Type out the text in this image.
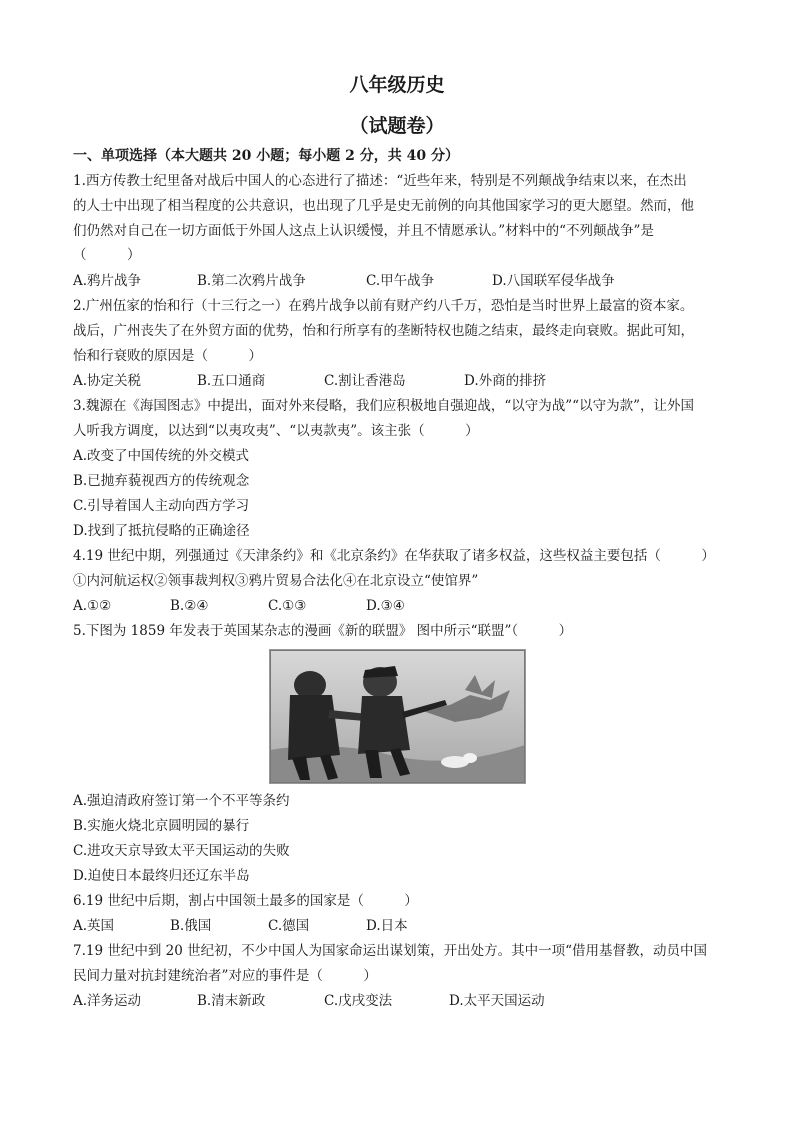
八年级历史
（试题卷）
一、单项选择（本大题共 20 小题；每小题 2 分，共 40 分）
1.西方传教士纪里备对战后中国人的心态进行了描述：“近些年来，特别是不列颠战争结束以来，在杰出
的人士中出现了相当程度的公共意识，也出现了几乎是史无前例的向其他国家学习的更大愿望。然而，他
们仍然对自己在一切方面低于外国人这点上认识缓慢，并且不情愿承认。”材料中的“不列颠战争”是
（　　　）
A.鸦片战争	B.第二次鸦片战争	C.甲午战争	D.八国联军侵华战争
2.广州伍家的怡和行（十三行之一）在鸦片战争以前有财产约八千万，恐怕是当时世界上最富的资本家。
战后，广州丧失了在外贸方面的优势，怡和行所享有的垄断特权也随之结束，最终走向衰败。据此可知，
怡和行衰败的原因是（　　　）
A.协定关税	B.五口通商	C.割让香港岛	D.外商的排挤
3.魏源在《海国图志》中提出，面对外来侵略，我们应积极地自强迎战，“以守为战”“以守为款”，让外国
人听我方调度，以达到“以夷攻夷”、“以夷款夷”。该主张（　　　）
A.改变了中国传统的外交模式
B.已抛弃藐视西方的传统观念
C.引导着国人主动向西方学习
D.找到了抵抗侵略的正确途径
4.19 世纪中期，列强通过《天津条约》和《北京条约》在华获取了诸多权益，这些权益主要包括（　　　）
①内河航运权②领事裁判权③鸦片贸易合法化④在北京设立“使馆界”
A.①②	B.②④	C.①③	D.③④
5.下图为 1859 年发表于英国某杂志的漫画《新的联盟》 图中所示“联盟”（　　　）
A.强迫清政府签订第一个不平等条约
B.实施火烧北京圆明园的暴行
C.进攻天京导致太平天国运动的失败
D.迫使日本最终归还辽东半岛
6.19 世纪中后期，割占中国领土最多的国家是（　　　）
A.英国	B.俄国	C.德国	D.日本
7.19 世纪中到 20 世纪初，不少中国人为国家命运出谋划策，开出处方。其中一项“借用基督教，动员中国
民间力量对抗封建统治者”对应的事件是（　　　）
A.洋务运动	B.清末新政	C.戊戌变法	D.太平天国运动
